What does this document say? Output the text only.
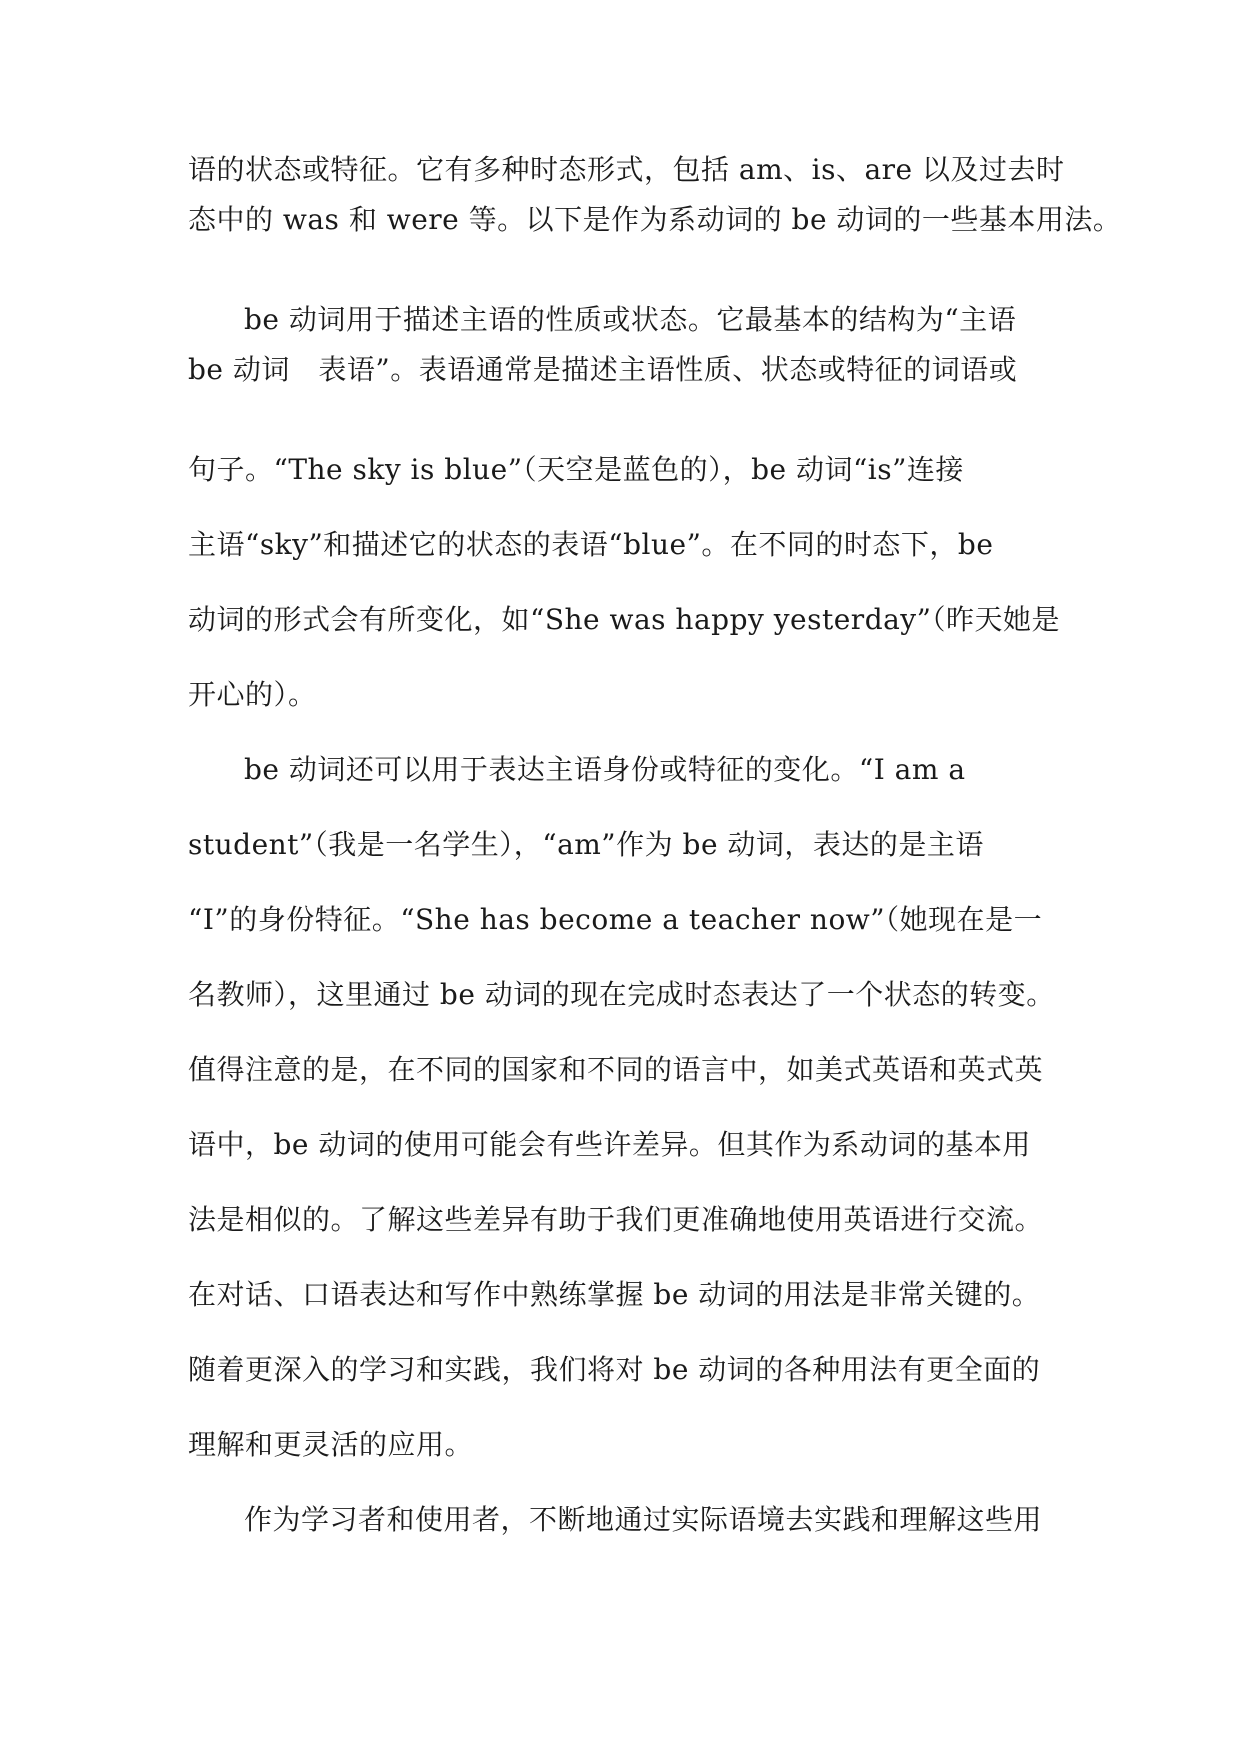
语的状态或特征。它有多种时态形式，包括 am、is、are 以及过去时
态中的 was 和 were 等。以下是作为系动词的 be 动词的一些基本用法。
be 动词用于描述主语的性质或状态。它最基本的结构为“主语
be 动词　表语”。表语通常是描述主语性质、状态或特征的词语或
句子。“The sky is blue”（天空是蓝色的），be 动词“is”连接
主语“sky”和描述它的状态的表语“blue”。在不同的时态下，be
动词的形式会有所变化，如“She was happy yesterday”（昨天她是
开心的）。
be 动词还可以用于表达主语身份或特征的变化。“I am a
student”（我是一名学生），“am”作为 be 动词，表达的是主语
“I”的身份特征。“She has become a teacher now”（她现在是一
名教师），这里通过 be 动词的现在完成时态表达了一个状态的转变。
值得注意的是，在不同的国家和不同的语言中，如美式英语和英式英
语中，be 动词的使用可能会有些许差异。但其作为系动词的基本用
法是相似的。了解这些差异有助于我们更准确地使用英语进行交流。
在对话、口语表达和写作中熟练掌握 be 动词的用法是非常关键的。
随着更深入的学习和实践，我们将对 be 动词的各种用法有更全面的
理解和更灵活的应用。
作为学习者和使用者，不断地通过实际语境去实践和理解这些用
